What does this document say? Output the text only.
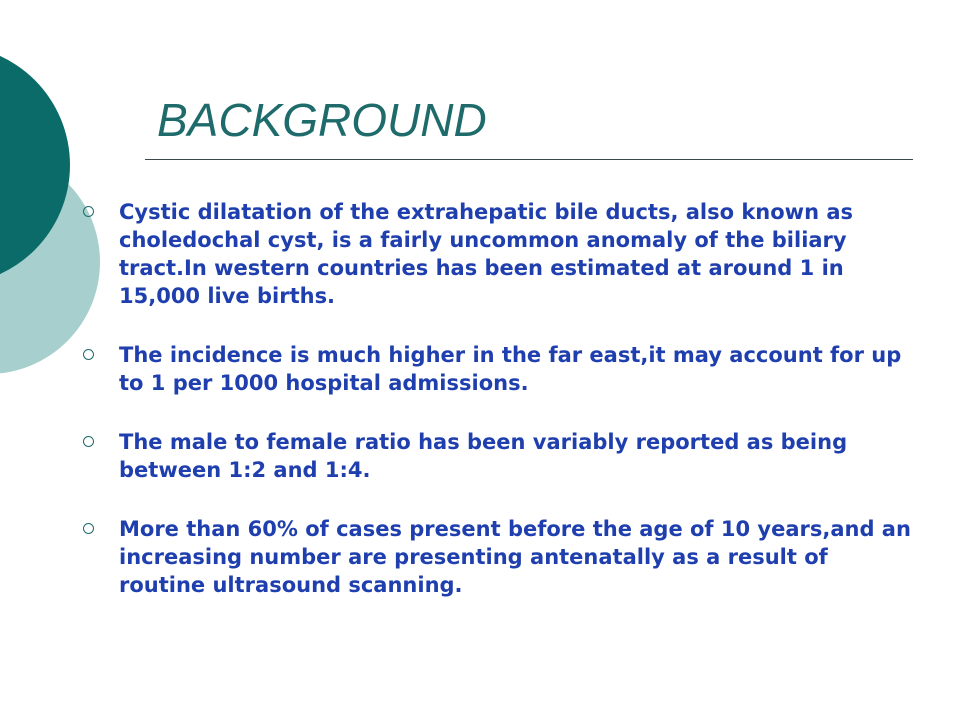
BACKGROUND
Cystic dilatation of the extrahepatic bile ducts, also known as choledochal cyst, is a fairly uncommon anomaly of the biliary tract.In western countries has been estimated at around 1 in 15,000 live births.
The incidence is much higher in the far east,it may account for up to 1 per 1000 hospital admissions.
The male to female ratio has been variably reported as being between 1:2 and 1:4.
More than 60% of cases present before the age of 10 years,and an increasing number are presenting antenatally as a result of routine ultrasound scanning.
